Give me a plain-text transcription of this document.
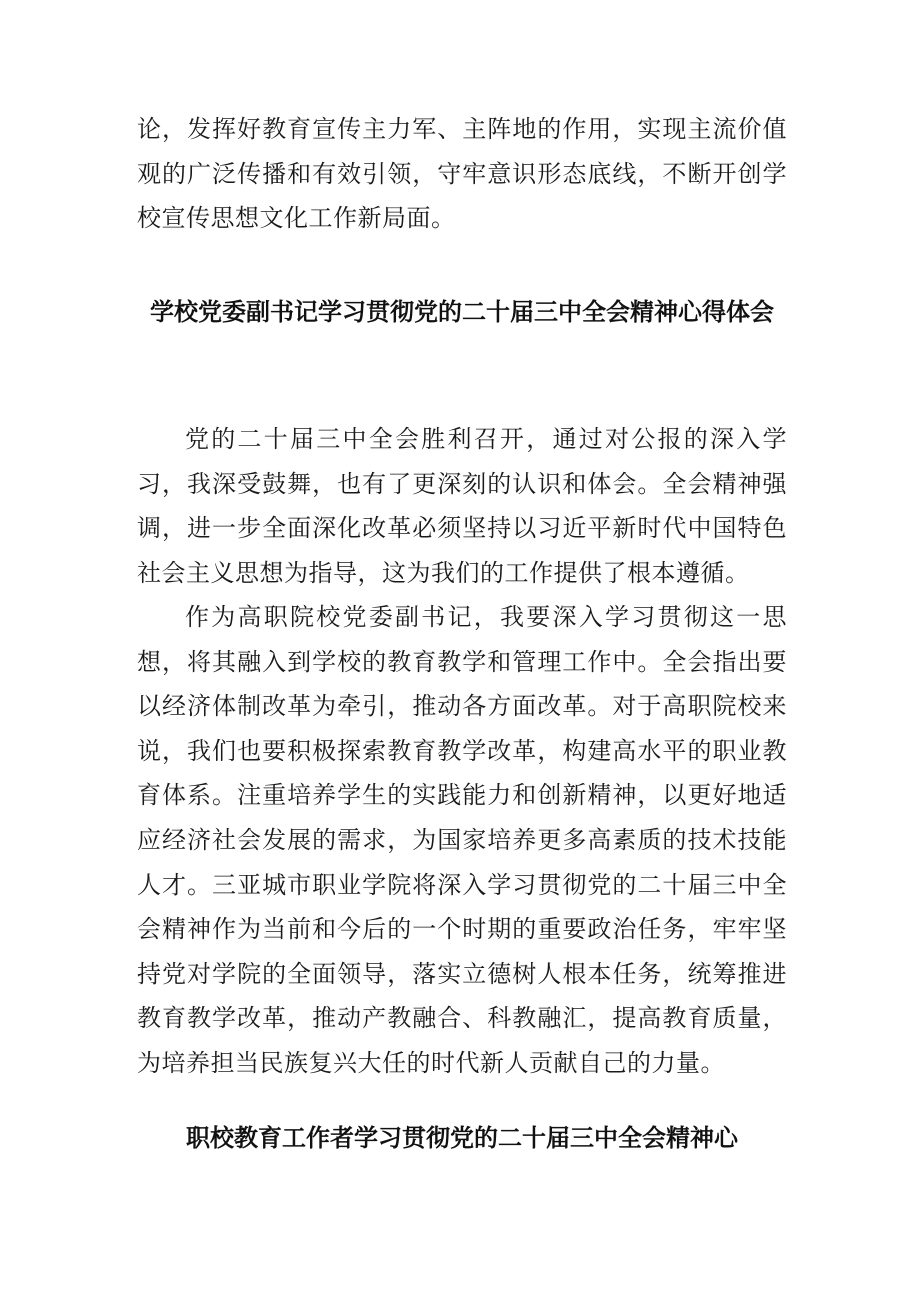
论，发挥好教育宣传主力军、主阵地的作用，实现主流价值观的广泛传播和有效引领，守牢意识形态底线，不断开创学校宣传思想文化工作新局面。

学校党委副书记学习贯彻党的二十届三中全会精神心得体会

党的二十届三中全会胜利召开，通过对公报的深入学习，我深受鼓舞，也有了更深刻的认识和体会。全会精神强调，进一步全面深化改革必须坚持以习近平新时代中国特色社会主义思想为指导，这为我们的工作提供了根本遵循。

作为高职院校党委副书记，我要深入学习贯彻这一思想，将其融入到学校的教育教学和管理工作中。全会指出要以经济体制改革为牵引，推动各方面改革。对于高职院校来说，我们也要积极探索教育教学改革，构建高水平的职业教育体系。注重培养学生的实践能力和创新精神，以更好地适应经济社会发展的需求，为国家培养更多高素质的技术技能人才。三亚城市职业学院将深入学习贯彻党的二十届三中全会精神作为当前和今后的一个时期的重要政治任务，牢牢坚持党对学院的全面领导，落实立德树人根本任务，统筹推进教育教学改革，推动产教融合、科教融汇，提高教育质量，为培养担当民族复兴大任的时代新人贡献自己的力量。

职校教育工作者学习贯彻党的二十届三中全会精神心
